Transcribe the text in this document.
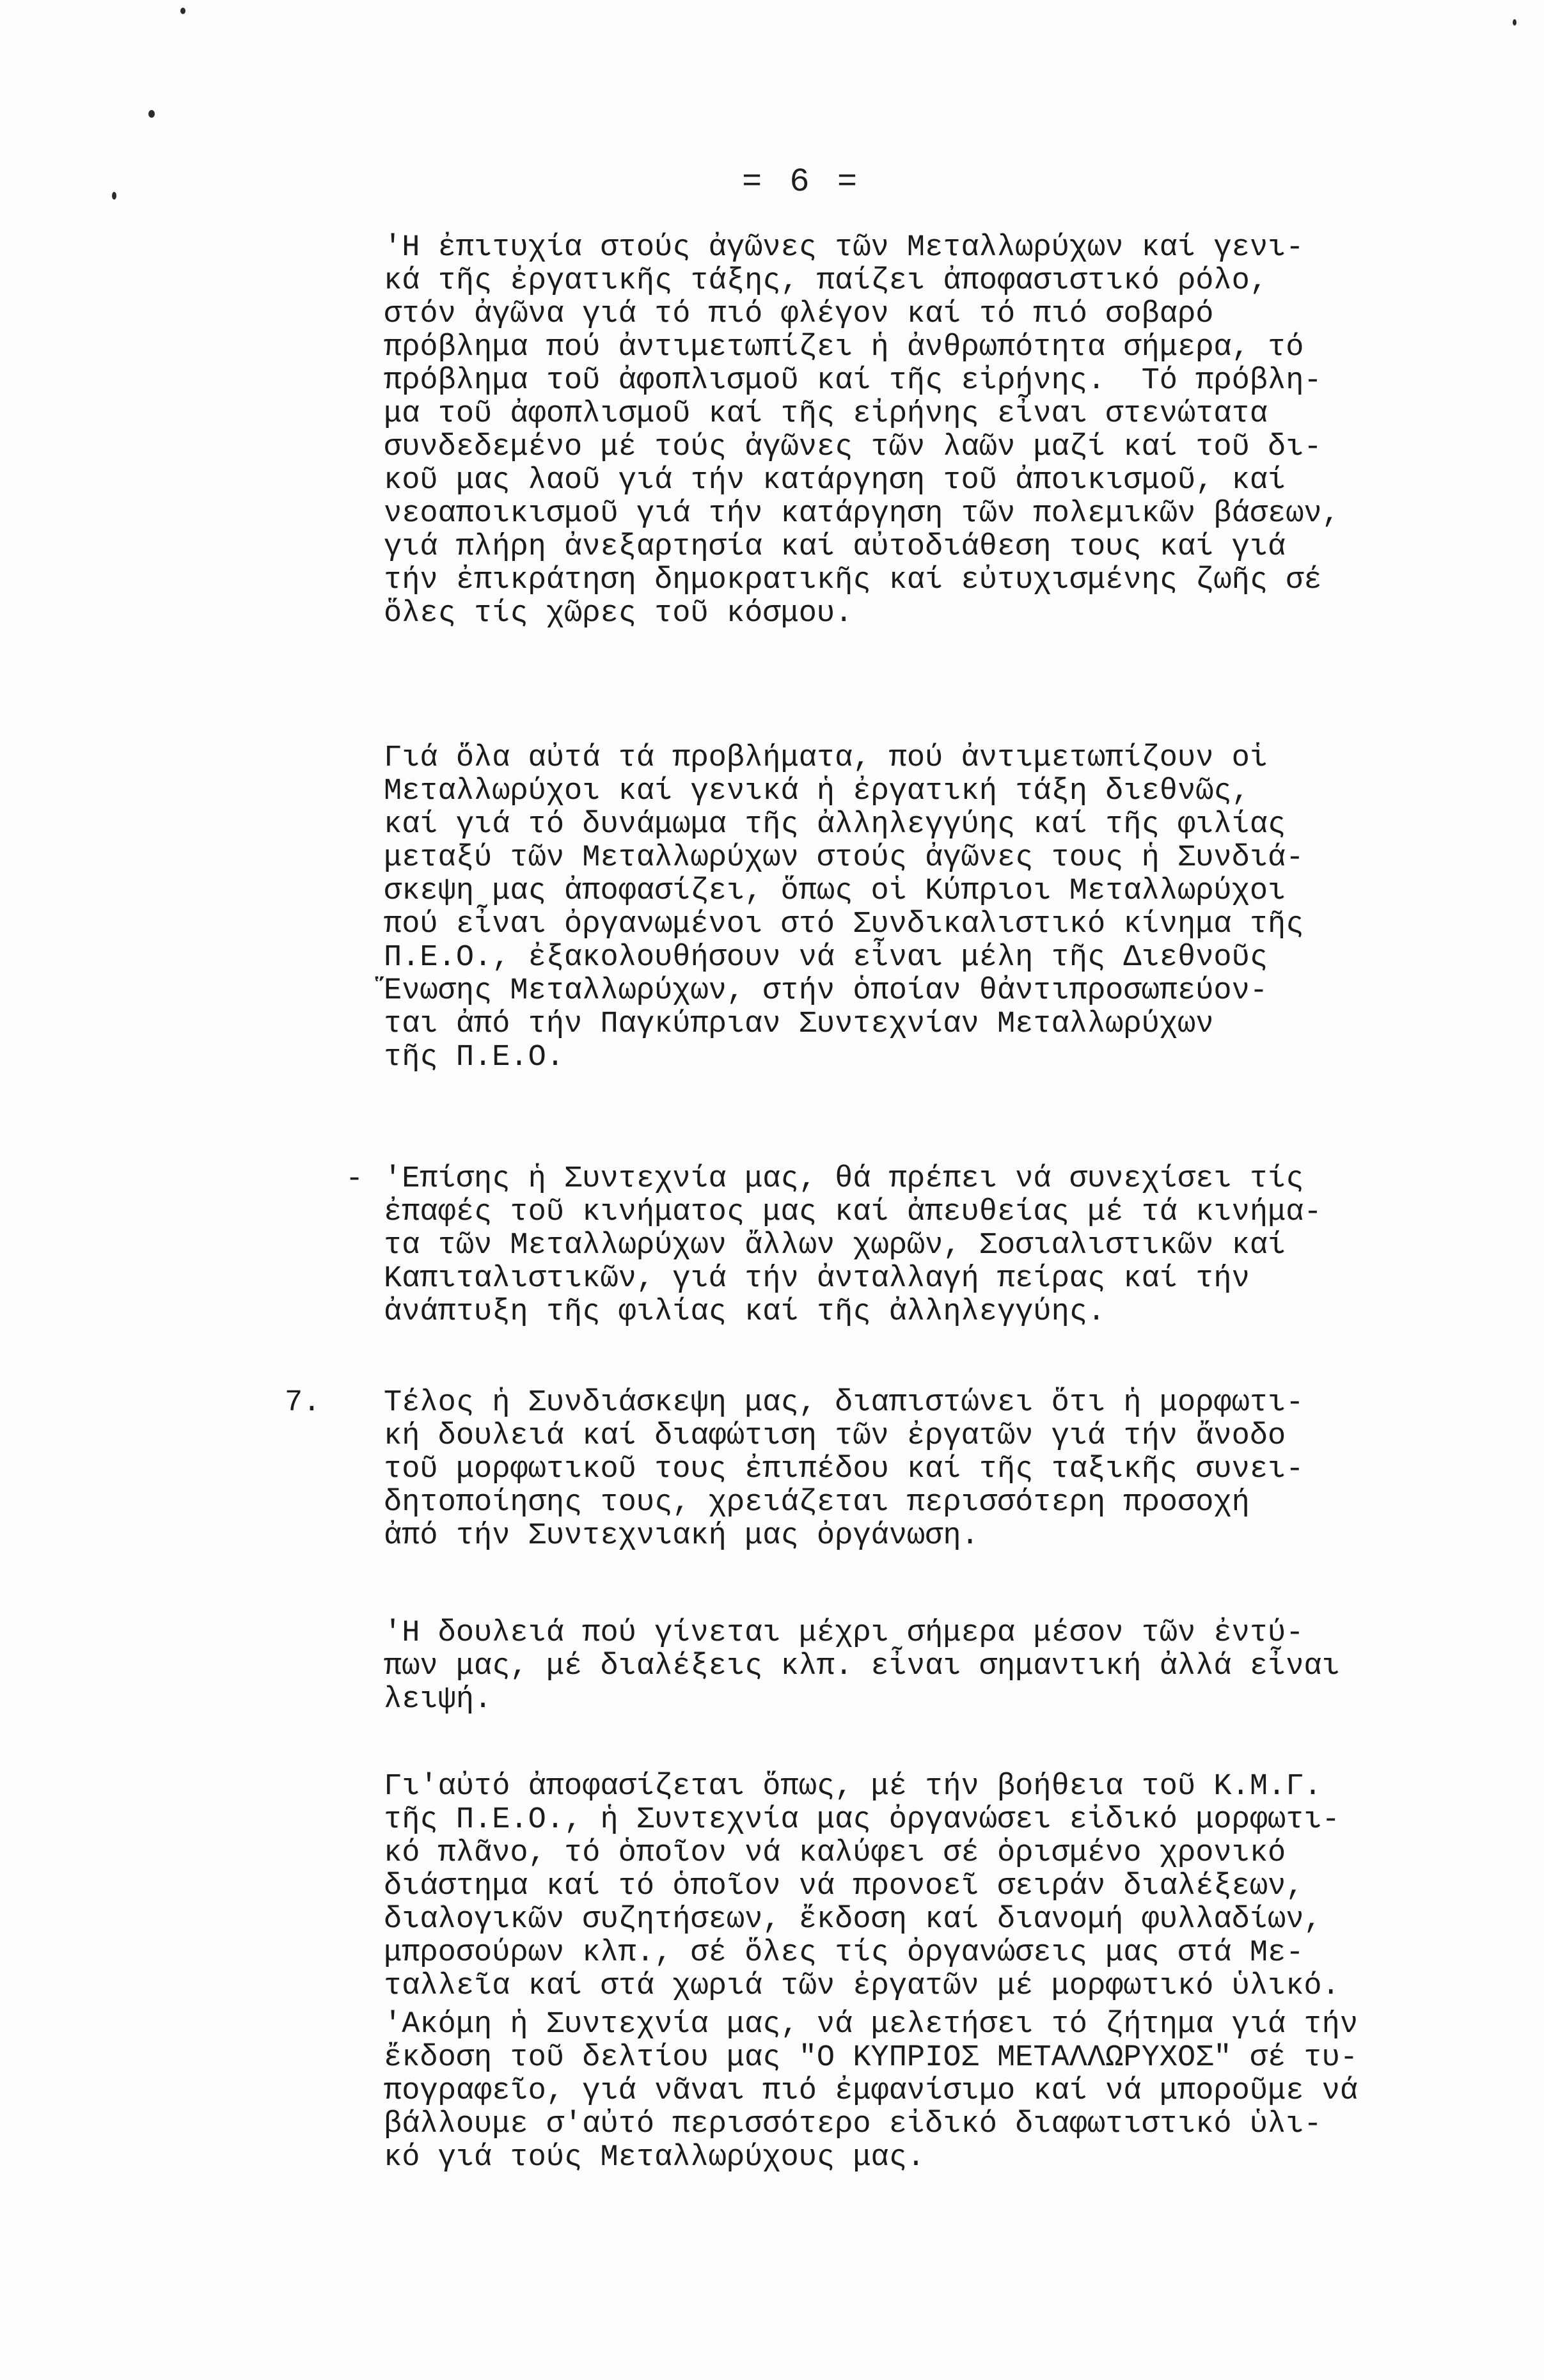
= 6 =
'Η ἐπιτυχία στούς ἀγῶνες τῶν Μεταλλωρύχων καί γενι-
κά τῆς ἐργατικῆς τάξης, παίζει ἀποφασιστικό ρόλο,
στόν ἀγῶνα γιά τό πιό φλέγον καί τό πιό σοβαρό
πρόβλημα πού ἀντιμετωπίζει ἡ ἀνθρωπότητα σήμερα, τό
πρόβλημα τοῦ ἀφοπλισμοῦ καί τῆς εἰρήνης.  Τό πρόβλη-
μα τοῦ ἀφοπλισμοῦ καί τῆς εἰρήνης εἶναι στενώτατα
συνδεδεμένο μέ τούς ἀγῶνες τῶν λαῶν μαζί καί τοῦ δι-
κοῦ μας λαοῦ γιά τήν κατάργηση τοῦ ἀποικισμοῦ, καί
νεοαποικισμοῦ γιά τήν κατάργηση τῶν πολεμικῶν βάσεων,
γιά πλήρη ἀνεξαρτησία καί αὐτοδιάθεση τους καί γιά
τήν ἐπικράτηση δημοκρατικῆς καί εὐτυχισμένης ζωῆς σέ
ὅλες τίς χῶρες τοῦ κόσμου.
Γιά ὅλα αὐτά τά προβλήματα, πού ἀντιμετωπίζουν οἱ
Μεταλλωρύχοι καί γενικά ἡ ἐργατική τάξη διεθνῶς,
καί γιά τό δυνάμωμα τῆς ἀλληλεγγύης καί τῆς φιλίας
μεταξύ τῶν Μεταλλωρύχων στούς ἀγῶνες τους ἡ Συνδιά-
σκεψη μας ἀποφασίζει, ὅπως οἱ Κύπριοι Μεταλλωρύχοι
πού εἶναι ὀργανωμένοι στό Συνδικαλιστικό κίνημα τῆς
Π.Ε.Ο., ἐξακολουθήσουν νά εἶναι μέλη τῆς Διεθνοῦς
Ἕνωσης Μεταλλωρύχων, στήν ὁποίαν θἀντιπροσωπεύον-
ται ἀπό τήν Παγκύπριαν Συντεχνίαν Μεταλλωρύχων
τῆς Π.Ε.Ο.
- 'Επίσης ἡ Συντεχνία μας, θά πρέπει νά συνεχίσει τίς
ἐπαφές τοῦ κινήματος μας καί ἀπευθείας μέ τά κινήμα-
τα τῶν Μεταλλωρύχων ἄλλων χωρῶν, Σοσιαλιστικῶν καί
Καπιταλιστικῶν, γιά τήν ἀνταλλαγή πείρας καί τήν
ἀνάπτυξη τῆς φιλίας καί τῆς ἀλληλεγγύης.
7. Τέλος ἡ Συνδιάσκεψη μας, διαπιστώνει ὅτι ἡ μορφωτι-
κή δουλειά καί διαφώτιση τῶν ἐργατῶν γιά τήν ἄνοδο
τοῦ μορφωτικοῦ τους ἐπιπέδου καί τῆς ταξικῆς συνει-
δητοποίησης τους, χρειάζεται περισσότερη προσοχή
ἀπό τήν Συντεχνιακή μας ὀργάνωση.
'Η δουλειά πού γίνεται μέχρι σήμερα μέσον τῶν ἐντύ-
πων μας, μέ διαλέξεις κλπ. εἶναι σημαντική ἀλλά εἶναι
λειψή.
Γι'αὐτό ἀποφασίζεται ὅπως, μέ τήν βοήθεια τοῦ Κ.Μ.Γ.
τῆς Π.Ε.Ο., ἡ Συντεχνία μας ὀργανώσει εἰδικό μορφωτι-
κό πλᾶνο, τό ὁποῖον νά καλύφει σέ ὁρισμένο χρονικό
διάστημα καί τό ὁποῖον νά προνοεῖ σειράν διαλέξεων,
διαλογικῶν συζητήσεων, ἔκδοση καί διανομή φυλλαδίων,
μπροσούρων κλπ., σέ ὅλες τίς ὀργανώσεις μας στά Με-
ταλλεῖα καί στά χωριά τῶν ἐργατῶν μέ μορφωτικό ὑλικό.
'Ακόμη ἡ Συντεχνία μας, νά μελετήσει τό ζήτημα γιά τήν
ἔκδοση τοῦ δελτίου μας "Ο ΚΥΠΡΙΟΣ ΜΕΤΑΛΛΩΡΥΧΟΣ" σέ τυ-
πογραφεῖο, γιά νᾶναι πιό ἐμφανίσιμο καί νά μποροῦμε νά
βάλλουμε σ'αὐτό περισσότερο εἰδικό διαφωτιστικό ὑλι-
κό γιά τούς Μεταλλωρύχους μας.
